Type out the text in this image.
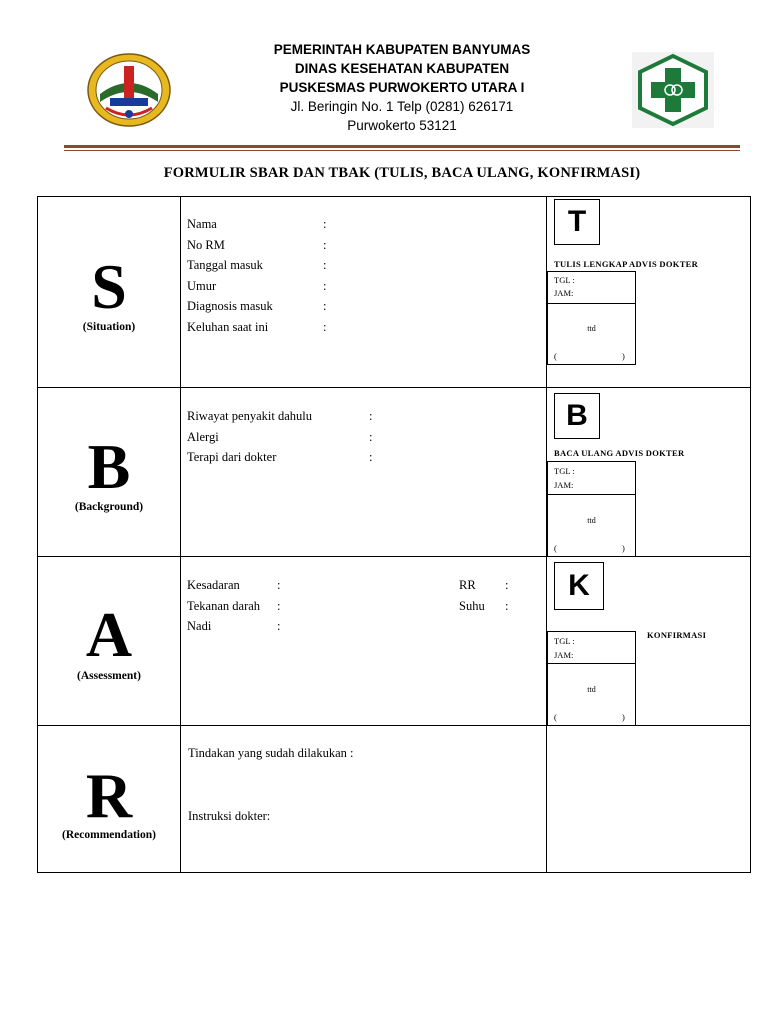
PEMERINTAH KABUPATEN BANYUMAS
DINAS KESEHATAN KABUPATEN
PUSKESMAS PURWOKERTO UTARA I
Jl. Beringin No. 1 Telp (0281) 626171
Purwokerto 53121
FORMULIR SBAR DAN TBAK (TULIS, BACA ULANG, KONFIRMASI)
S
(Situation)
Nama	:
No RM	:
Tanggal masuk	:
Umur	:
Diagnosis masuk	:
Keluhan saat ini	:
T
TULIS LENGKAP ADVIS DOKTER
TGL :
JAM:
ttd
(	)
B
(Background)
Riwayat penyakit dahulu	:
Alergi	:
Terapi dari dokter	:
B
BACA ULANG ADVIS DOKTER
TGL :
JAM:
ttd
(	)
A
(Assessment)
Kesadaran	:
Tekanan darah :
Nadi	:
RR :
Suhu :
K
KONFIRMASI
TGL :
JAM:
ttd
(	)
R
(Recommendation)
Tindakan yang sudah dilakukan :
Instruksi dokter:
